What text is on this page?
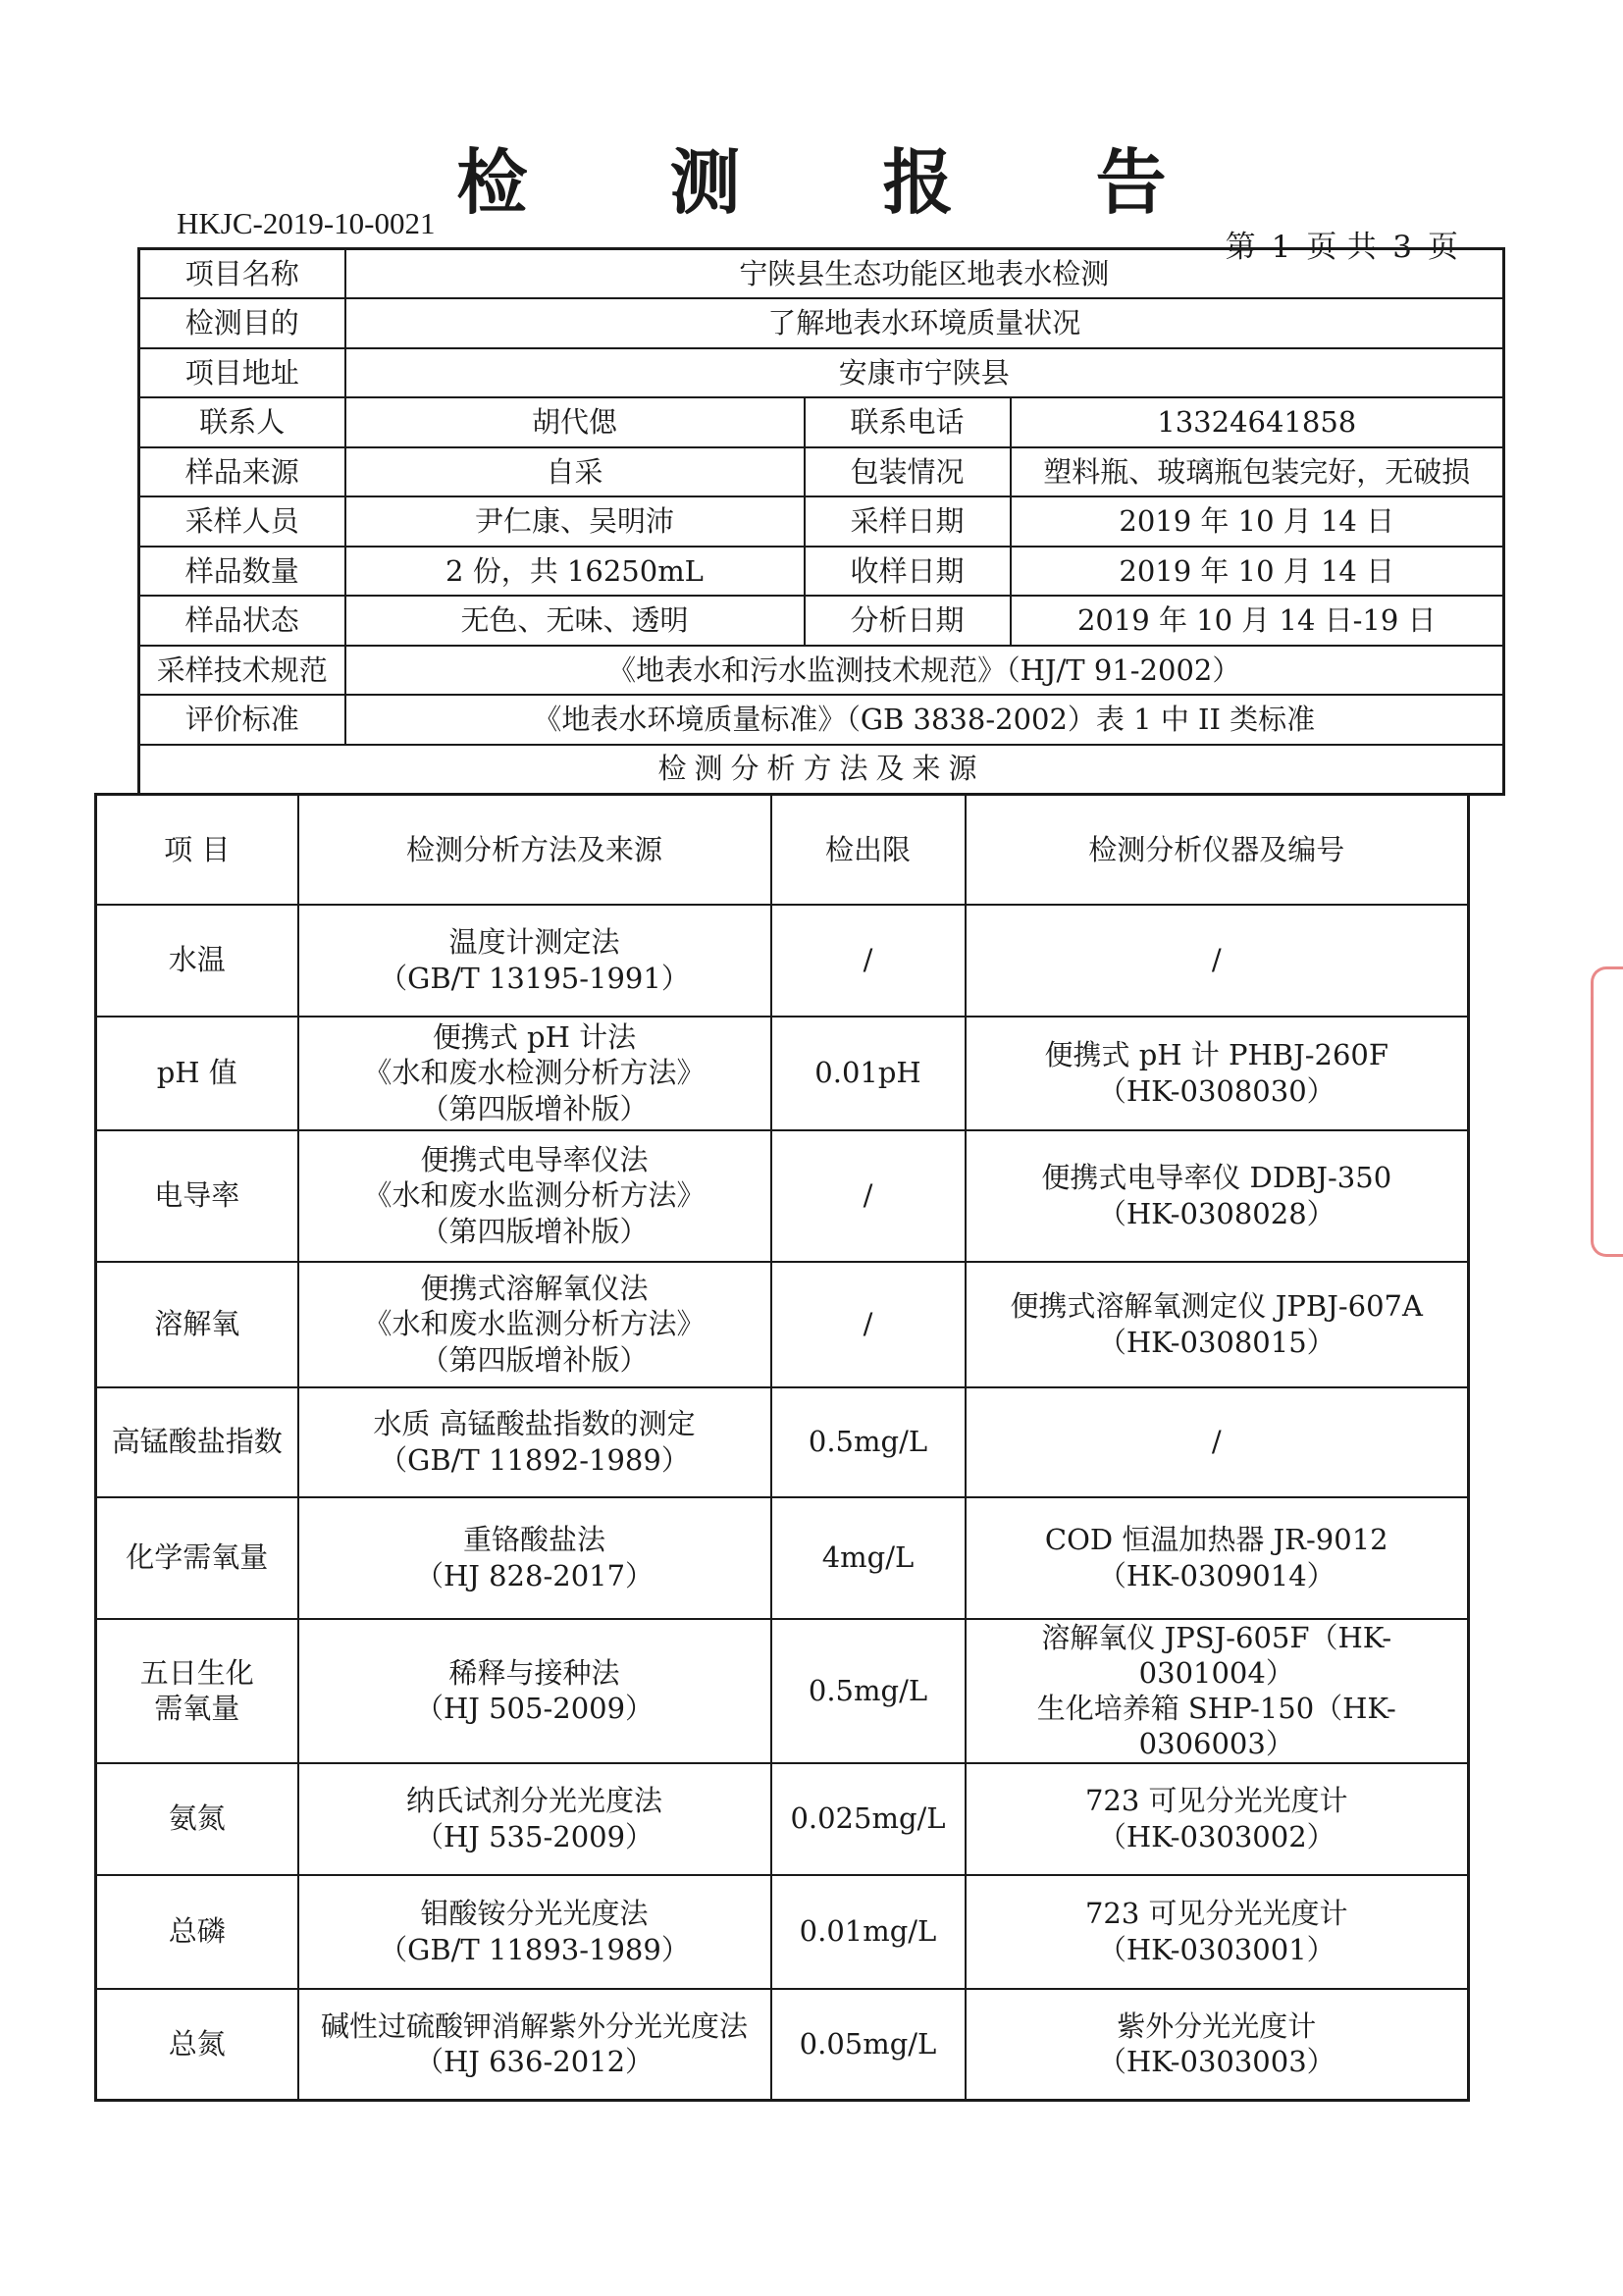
检 测 报 告
HKJC-2019-10-0021
第 1 页 共 3 页
项目名称	宁陕县生态功能区地表水检测		
检测目的	了解地表水环境质量状况		
项目地址	安康市宁陕县		
联系人	胡代偲	联系电话	13324641858
样品来源	自采	包装情况	塑料瓶、玻璃瓶包装完好，无破损
采样人员	尹仁康、吴明沛	采样日期	2019 年 10 月 14 日
样品数量	2 份，共 16250mL	收样日期	2019 年 10 月 14 日
样品状态	无色、无味、透明	分析日期	2019 年 10 月 14 日-19 日
采样技术规范	《地表水和污水监测技术规范》（HJ/T 91-2002）		
评价标准	《地表水环境质量标准》（GB 3838-2002）表 1 中 II 类标准		
检测分析方法及来源			
项 目	检测分析方法及来源	检出限	检测分析仪器及编号

水温	温度计测定法
（GB/T 13195-1991）	/	/

pH 值	便携式 pH 计法
《水和废水检测分析方法》
（第四版增补版）	0.01pH	便携式 pH 计 PHBJ-260F
（HK-0308030）

电导率	便携式电导率仪法
《水和废水监测分析方法》
（第四版增补版）	/	便携式电导率仪 DDBJ-350
（HK-0308028）

溶解氧	便携式溶解氧仪法
《水和废水监测分析方法》
（第四版增补版）	/	便携式溶解氧测定仪 JPBJ-607A
（HK-0308015）

高锰酸盐指数	水质 高锰酸盐指数的测定
（GB/T 11892-1989）	0.5mg/L	/

化学需氧量	重铬酸盐法
（HJ 828-2017）	4mg/L	COD 恒温加热器 JR-9012
（HK-0309014）

五日生化
需氧量	稀释与接种法
（HJ 505-2009）	0.5mg/L	溶解氧仪 JPSJ-605F（HK-0301004）
生化培养箱 SHP-150（HK-0306003）

氨氮	纳氏试剂分光光度法
（HJ 535-2009）	0.025mg/L	723 可见分光光度计
（HK-0303002）

总磷	钼酸铵分光光度法
（GB/T 11893-1989）	0.01mg/L	723 可见分光光度计
（HK-0303001）

总氮	碱性过硫酸钾消解紫外分光光度法
（HJ 636-2012）	0.05mg/L	紫外分光光度计
（HK-0303003）
